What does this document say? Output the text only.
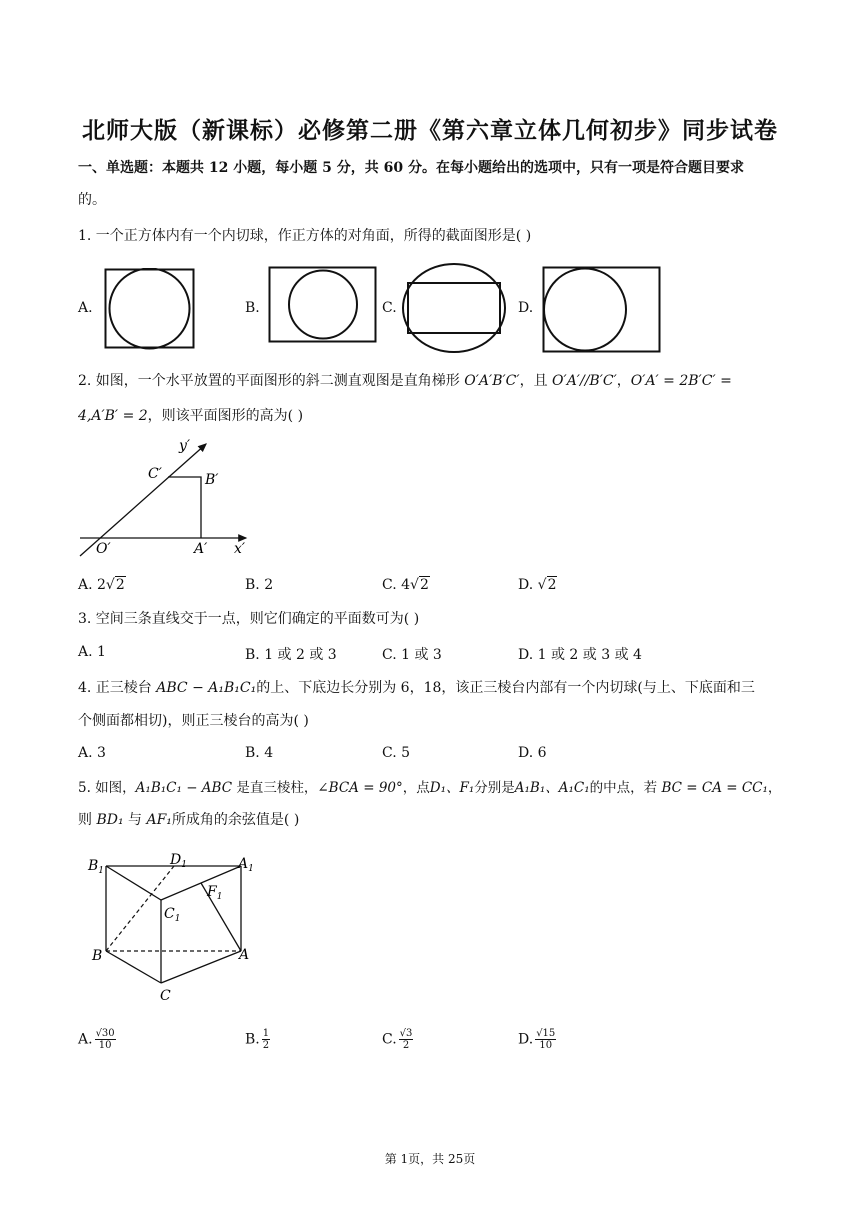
北师大版（新课标）必修第二册《第六章立体几何初步》同步试卷
一、单选题：本题共 12 小题，每小题 5 分，共 60 分。在每小题给出的选项中，只有一项是符合题目要求
的。
1. 一个正方体内有一个内切球，作正方体的对角面，所得的截面图形是( )
A.	B.	C.	D.
2. 如图，一个水平放置的平面图形的斜二测直观图是直角梯形 O′A′B′C′，且 O′A′//B′C′，O′A′ = 2B′C′ =
4,A′B′ = 2，则该平面图形的高为( )
y′
C′	B′
O′	A′ x′
A. 2√2	B. 2	C. 4√2	D. √2
3. 空间三条直线交于一点，则它们确定的平面数可为( )
A. 1	B. 1 或 2 或 3	C. 1 或 3	D. 1 或 2 或 3 或 4
4. 正三棱台 ABC − A₁B₁C₁的上、下底边长分别为 6，18，该正三棱台内部有一个内切球(与上、下底面和三
个侧面都相切)，则正三棱台的高为( )
A. 3	B. 4	C. 5	D. 6
5. 如图，A₁B₁C₁ − ABC 是直三棱柱，∠BCA = 90°，点D₁、F₁分别是A₁B₁、A₁C₁的中点，若 BC = CA = CC₁，
则 BD₁ 与 AF₁所成角的余弦值是( )
$B_1$
$D_1$	$A_1$
$F_1$
$C_1$
B	A
C
A. $\frac{√30}{10}$	B. $\frac{1}{2}$	C. $\frac{√3}{2}$	D. $\frac{√15}{10}$
第 1页，共 25页
